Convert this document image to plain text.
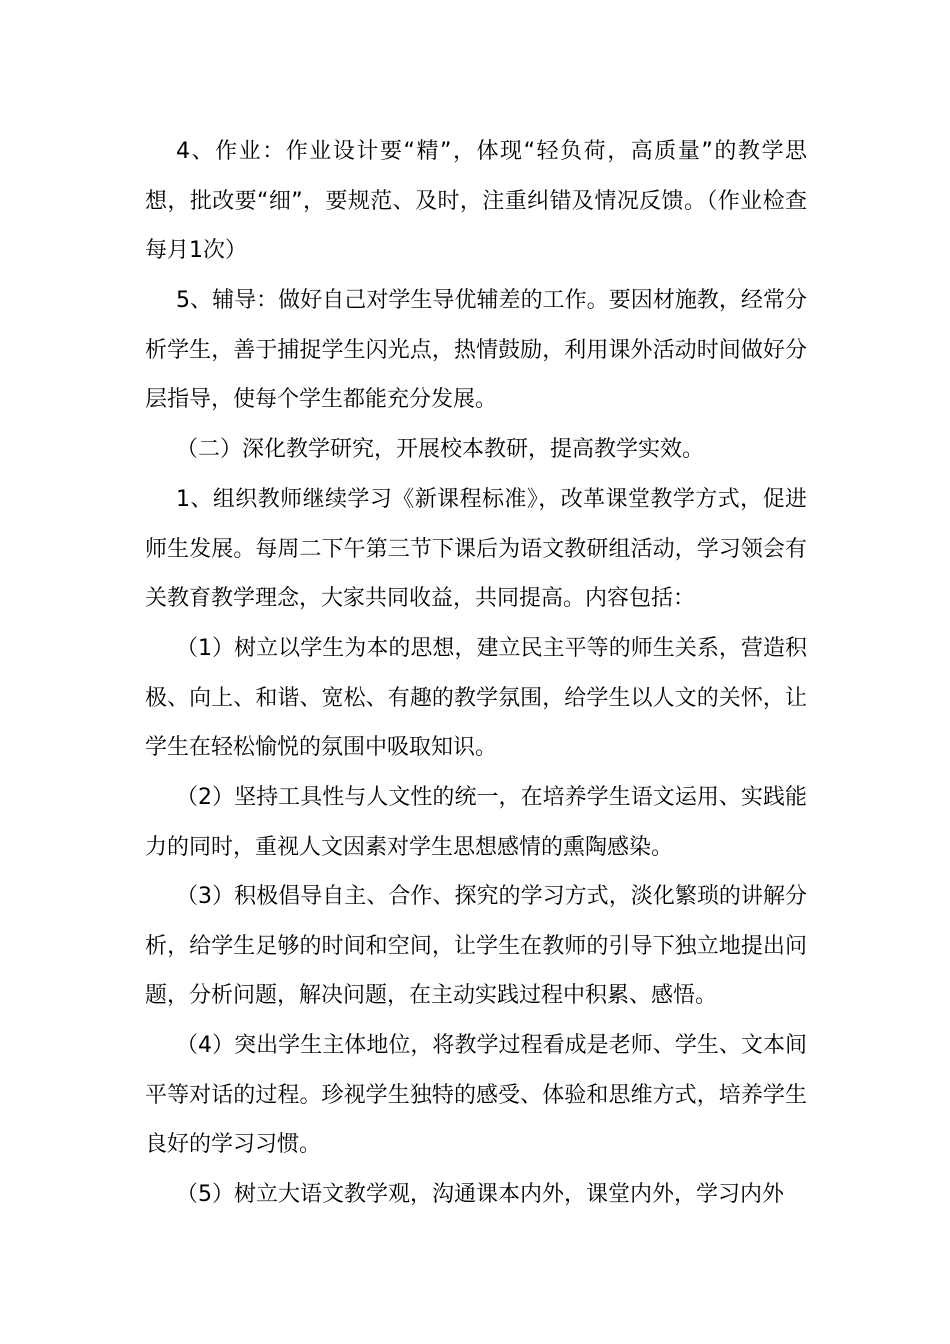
4、作业：作业设计要“精”，体现“轻负荷，高质量”的教学思想，批改要“细”，要规范、及时，注重纠错及情况反馈。（作业检查每月1次）

5、辅导：做好自己对学生导优辅差的工作。要因材施教，经常分析学生，善于捕捉学生闪光点，热情鼓励，利用课外活动时间做好分层指导，使每个学生都能充分发展。

（二）深化教学研究，开展校本教研，提高教学实效。

1、组织教师继续学习《新课程标准》，改革课堂教学方式，促进师生发展。每周二下午第三节下课后为语文教研组活动，学习领会有关教育教学理念，大家共同收益，共同提高。内容包括：

（1）树立以学生为本的思想，建立民主平等的师生关系，营造积极、向上、和谐、宽松、有趣的教学氛围，给学生以人文的关怀，让学生在轻松愉悦的氛围中吸取知识。

（2）坚持工具性与人文性的统一，在培养学生语文运用、实践能力的同时，重视人文因素对学生思想感情的熏陶感染。

（3）积极倡导自主、合作、探究的学习方式，淡化繁琐的讲解分析，给学生足够的时间和空间，让学生在教师的引导下独立地提出问题，分析问题，解决问题，在主动实践过程中积累、感悟。

（4）突出学生主体地位，将教学过程看成是老师、学生、文本间平等对话的过程。珍视学生独特的感受、体验和思维方式，培养学生良好的学习习惯。

（5）树立大语文教学观，沟通课本内外，课堂内外，学习内外
